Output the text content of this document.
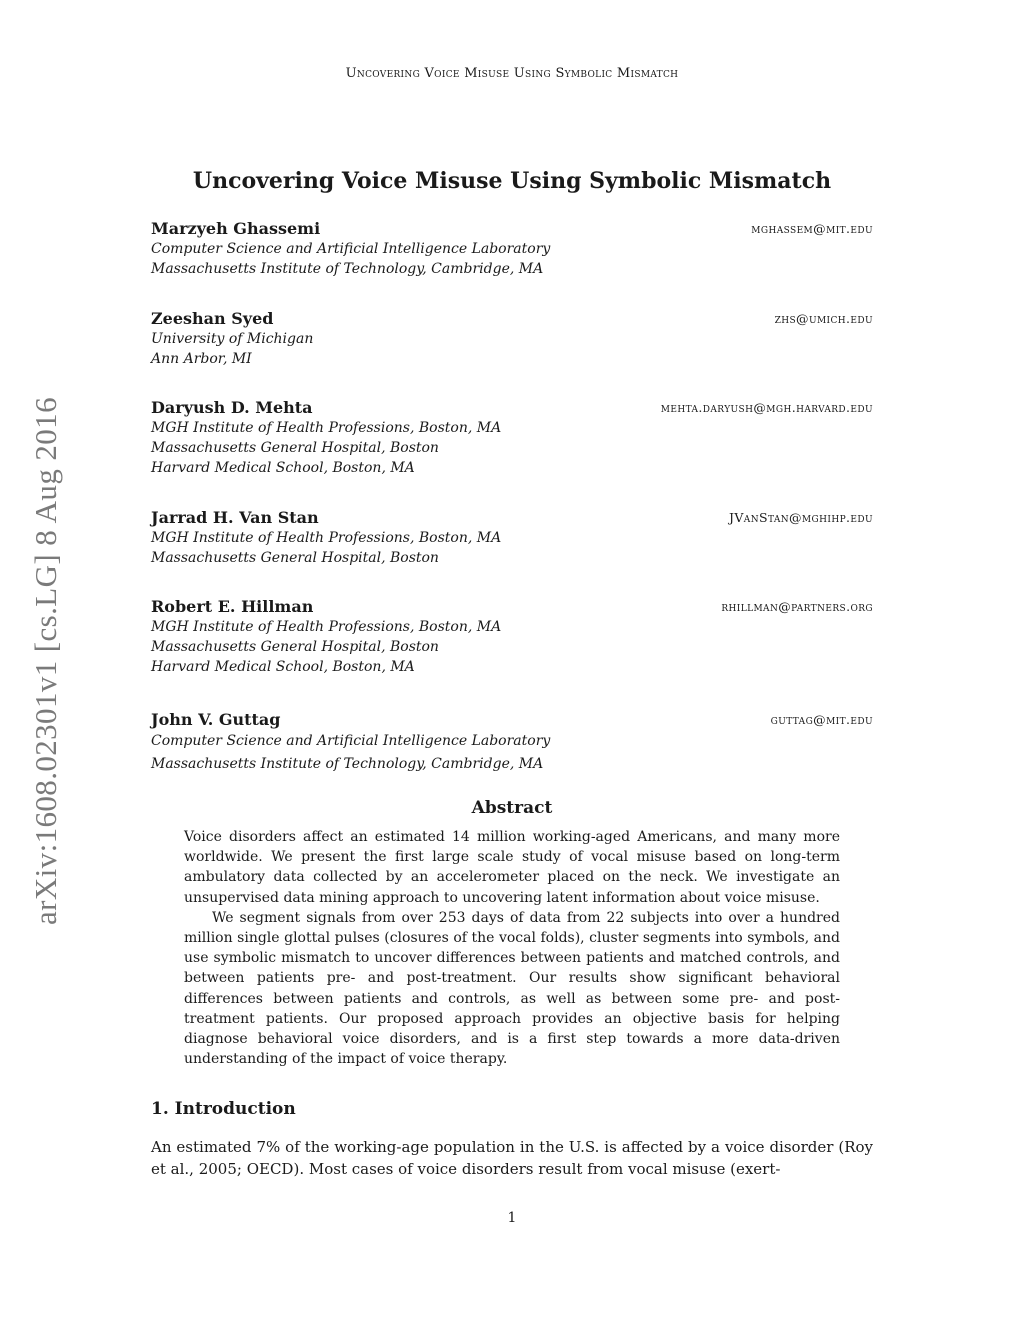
Uncovering Voice Misuse Using Symbolic Mismatch
arXiv:1608.02301v1 [cs.LG] 8 Aug 2016
Uncovering Voice Misuse Using Symbolic Mismatch
Marzyeh Ghassemi	mghassem@mit.edu
Computer Science and Artificial Intelligence Laboratory
Massachusetts Institute of Technology, Cambridge, MA
Zeeshan Syed	zhs@umich.edu
University of Michigan
Ann Arbor, MI
Daryush D. Mehta	mehta.daryush@mgh.harvard.edu
MGH Institute of Health Professions, Boston, MA
Massachusetts General Hospital, Boston
Harvard Medical School, Boston, MA
Jarrad H. Van Stan	JVanStan@mghihp.edu
MGH Institute of Health Professions, Boston, MA
Massachusetts General Hospital, Boston
Robert E. Hillman	rhillman@partners.org
MGH Institute of Health Professions, Boston, MA
Massachusetts General Hospital, Boston
Harvard Medical School, Boston, MA
John V. Guttag	guttag@mit.edu
Computer Science and Artificial Intelligence Laboratory
Massachusetts Institute of Technology, Cambridge, MA
Abstract

Voice disorders affect an estimated 14 million working-aged Americans, and many more worldwide. We present the first large scale study of vocal misuse based on long-term ambulatory data collected by an accelerometer placed on the neck. We investigate an unsupervised data mining approach to uncovering latent information about voice misuse.

We segment signals from over 253 days of data from 22 subjects into over a hundred million single glottal pulses (closures of the vocal folds), cluster segments into symbols, and use symbolic mismatch to uncover differences between patients and matched controls, and between patients pre- and post-treatment. Our results show significant behavioral differences between patients and controls, as well as between some pre- and post-treatment patients. Our proposed approach provides an objective basis for helping diagnose behavioral voice disorders, and is a first step towards a more data-driven understanding of the impact of voice therapy.

1. Introduction

An estimated 7% of the working-age population in the U.S. is affected by a voice disorder (Roy et al., 2005; OECD). Most cases of voice disorders result from vocal misuse (exert-

1
